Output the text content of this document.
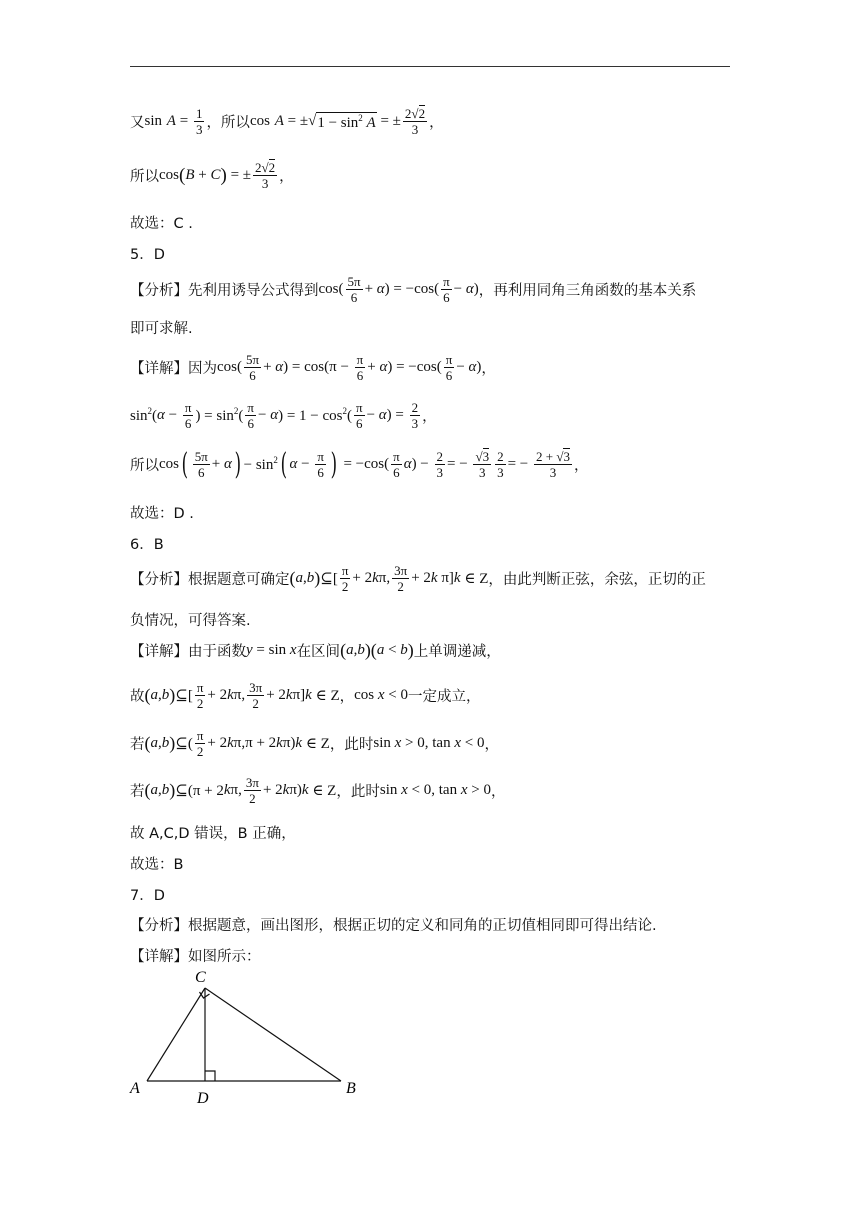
又 sin
$A = \frac{1}{3}$ ，所以 cos
A = ± √ $1 - \sin^2 A$ = ± $\frac{2√2}{3}$ ，
所以 cos ( B + C ) = ± $\frac{2√2}{3}$ ，
故选：C .
5．D
【分析】先利用诱导公式得到 $\cos( \frac{5\pi}{6} + \alpha$ ) = $-\cos( \frac{\pi}{6} - \alpha$ ) ，再利用同角三角函数的基本关系
即可求解.
【详解】因为 $\cos( \frac{5\pi}{6} + \alpha$ ) = $\cos(\pi - \frac{\pi}{6} + \alpha$ ) = $-\cos( \frac{\pi}{6} - \alpha$ ) ，
$\sin^2$( $\alpha - \frac{\pi}{6}$ ) = $\sin^2( \frac{\pi}{6} - \alpha$ ) = $1 - \cos^2( \frac{\pi}{6} - \alpha$ ) = $\frac{2}{3}$ ，
所以 cos ( $\frac{5\pi}{6} + \alpha$ ) − $\sin^2$ ( $\alpha - \frac{\pi}{6}$ ) = $-\cos( \frac{\pi}{6}$ α ) − $\frac{2}{3}$ = − $\frac{√3}{3} \frac{2}{3}$ = − $\frac{2 + √3}{3}$ ，
故选：D .
6．B
【分析】根据题意可确定 ( a , b ) ⊆[ $\frac{\pi}{2} + 2$ k π, $\frac{3\pi}{2} + 2$ k π] k ∈ Z ，由此判断正弦，余弦，正切的正
负情况，可得答案.
【详解】由于函数 y = sin x 在区间 ( a , b )( a < b ) 上单调递减，
故 ( a , b ) ⊆[ $\frac{\pi}{2} + 2$ k π, $\frac{3\pi}{2} + 2$ k π] k ∈ Z ， cos x < 0 一定成立，
若 ( a , b ) ⊆( $\frac{\pi}{2} + 2$ k π,π + 2 k π) k ∈ Z ，此时 sin x > 0, tan x < 0 ，
若 ( a , b ) ⊆(π + 2 k π, $\frac{3\pi}{2} + 2$ k π) k ∈ Z ，此时 sin x < 0, tan x > 0 ，
故 A,C,D 错误，B 正确，
故选：B
7．D
【分析】根据题意，画出图形，根据正切的定义和同角的正切值相同即可得出结论.
【详解】如图所示：
C
A
D
B
